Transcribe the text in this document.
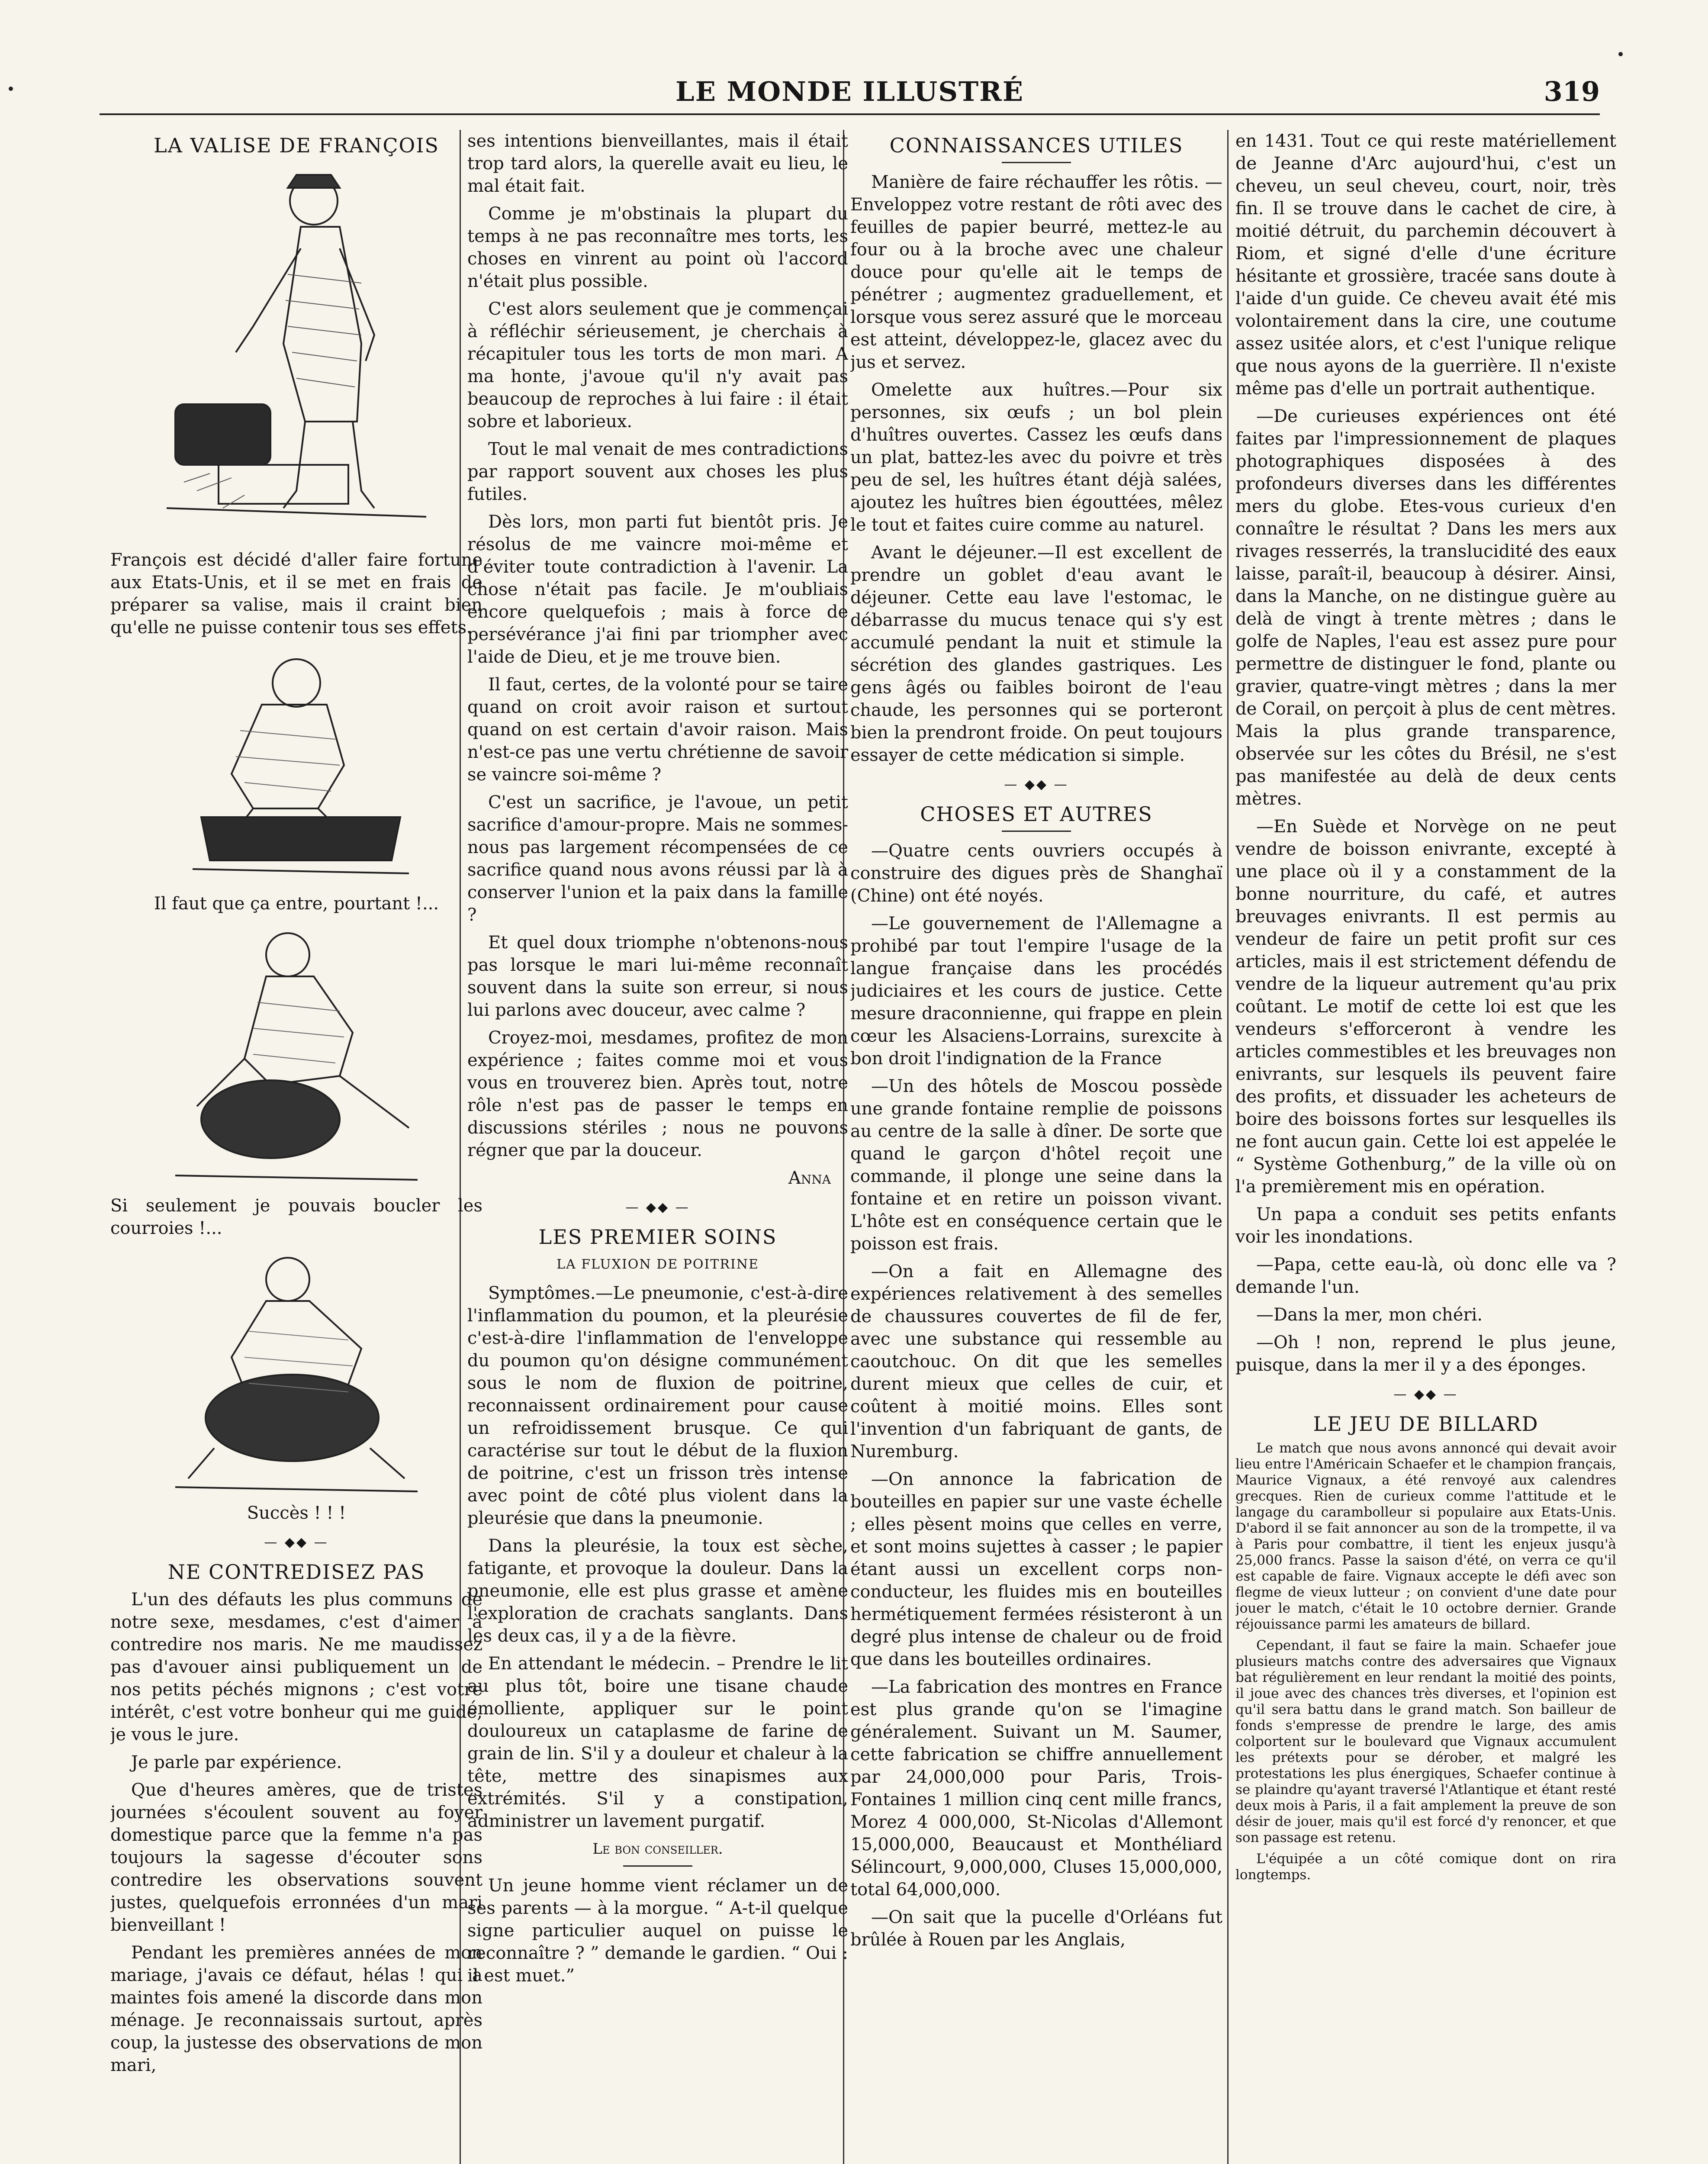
LE MONDE ILLUSTRÉ	319
LA VALISE DE FRANÇOIS

François est décidé d'aller faire fortune aux Etats-Unis, et il se met en frais de préparer sa valise, mais il craint bien qu'elle ne puisse contenir tous ses effets.

Il faut que ça entre, pourtant !...

Si seulement je pouvais boucler les courroies !...

Succès ! ! !

— ◆◆ —
NE CONTREDISEZ PAS

L'un des défauts les plus communs de notre sexe, mesdames, c'est d'aimer à contredire nos maris. Ne me maudissez pas d'avouer ainsi publiquement un de nos petits péchés mignons ; c'est votre intérêt, c'est votre bonheur qui me guide, je vous le jure.

Je parle par expérience.

Que d'heures amères, que de tristes journées s'écoulent souvent au foyer domestique parce que la femme n'a pas toujours la sagesse d'écouter sons contredire les observations souvent justes, quelquefois erronnées d'un mari bienveillant !

Pendant les premières années de mon mariage, j'avais ce défaut, hélas ! qui a maintes fois amené la discorde dans mon ménage. Je reconnaissais surtout, après coup, la justesse des observations de mon mari,

ses intentions bienveillantes, mais il était trop tard alors, la querelle avait eu lieu, le mal était fait.

Comme je m'obstinais la plupart du temps à ne pas reconnaître mes torts, les choses en vinrent au point où l'accord n'était plus possible.

C'est alors seulement que je commençai à réfléchir sérieusement, je cherchais à récapituler tous les torts de mon mari. A ma honte, j'avoue qu'il n'y avait pas beaucoup de reproches à lui faire : il était sobre et laborieux.

Tout le mal venait de mes contradictions par rapport souvent aux choses les plus futiles.

Dès lors, mon parti fut bientôt pris. Je résolus de me vaincre moi-même et d'éviter toute contradiction à l'avenir. La chose n'était pas facile. Je m'oubliais encore quelquefois ; mais à force de persévérance j'ai fini par triompher avec l'aide de Dieu, et je me trouve bien.

Il faut, certes, de la volonté pour se taire quand on croit avoir raison et surtout quand on est certain d'avoir raison. Mais n'est-ce pas une vertu chrétienne de savoir se vaincre soi-même ?

C'est un sacrifice, je l'avoue, un petit sacrifice d'amour-propre. Mais ne sommes-nous pas largement récompensées de ce sacrifice quand nous avons réussi par là à conserver l'union et la paix dans la famille ?

Et quel doux triomphe n'obtenons-nous pas lorsque le mari lui-même reconnaît souvent dans la suite son erreur, si nous lui parlons avec douceur, avec calme ?

Croyez-moi, mesdames, profitez de mon expérience ; faites comme moi et vous vous en trouverez bien. Après tout, notre rôle n'est pas de passer le temps en discussions stériles ; nous ne pouvons régner que par la douceur.

Anna

— ◆◆ —
LES PREMIER SOINS
LA FLUXION DE POITRINE

Symptômes.—Le pneumonie, c'est-à-dire l'inflammation du poumon, et la pleurésie c'est-à-dire l'inflammation de l'enveloppe du poumon qu'on désigne communément sous le nom de fluxion de poitrine, reconnaissent ordinairement pour cause un refroidissement brusque. Ce qui caractérise sur tout le début de la fluxion de poitrine, c'est un frisson très intense avec point de côté plus violent dans la pleurésie que dans la pneumonie.

Dans la pleurésie, la toux est sèche, fatigante, et provoque la douleur. Dans la pneumonie, elle est plus grasse et amène l'exploration de crachats sanglants. Dans les deux cas, il y a de la fièvre.

En attendant le médecin. – Prendre le lit au plus tôt, boire une tisane chaude émolliente, appliquer sur le point douloureux un cataplasme de farine de grain de lin. S'il y a douleur et chaleur à la tête, mettre des sinapismes aux extrémités. S'il y a constipation, administrer un lavement purgatif.

Le bon conseiller.

Un jeune homme vient réclamer un de ses parents — à la morgue. “ A-t-il quelque signe particulier auquel on puisse le reconnaître ? ” demande le gardien. “ Oui : il est muet.”

CONNAISSANCES UTILES

Manière de faire réchauffer les rôtis. —Enveloppez votre restant de rôti avec des feuilles de papier beurré, mettez-le au four ou à la broche avec une chaleur douce pour qu'elle ait le temps de pénétrer ; augmentez graduellement, et lorsque vous serez assuré que le morceau est atteint, développez-le, glacez avec du jus et servez.

Omelette aux huîtres.—Pour six personnes, six œufs ; un bol plein d'huîtres ouvertes. Cassez les œufs dans un plat, battez-les avec du poivre et très peu de sel, les huîtres étant déjà salées, ajoutez les huîtres bien égouttées, mêlez le tout et faites cuire comme au naturel.

Avant le déjeuner.—Il est excellent de prendre un goblet d'eau avant le déjeuner. Cette eau lave l'estomac, le débarrasse du mucus tenace qui s'y est accumulé pendant la nuit et stimule la sécrétion des glandes gastriques. Les gens âgés ou faibles boiront de l'eau chaude, les personnes qui se porteront bien la prendront froide. On peut toujours essayer de cette médication si simple.

— ◆◆ —
CHOSES ET AUTRES

—Quatre cents ouvriers occupés à construire des digues près de Shanghaï (Chine) ont été noyés.

—Le gouvernement de l'Allemagne a prohibé par tout l'empire l'usage de la langue française dans les procédés judiciaires et les cours de justice. Cette mesure draconnienne, qui frappe en plein cœur les Alsaciens-Lorrains, surexcite à bon droit l'indignation de la France

—Un des hôtels de Moscou possède une grande fontaine remplie de poissons au centre de la salle à dîner. De sorte que quand le garçon d'hôtel reçoit une commande, il plonge une seine dans la fontaine et en retire un poisson vivant. L'hôte est en conséquence certain que le poisson est frais.

—On a fait en Allemagne des expériences relativement à des semelles de chaussures couvertes de fil de fer, avec une substance qui ressemble au caoutchouc. On dit que les semelles durent mieux que celles de cuir, et coûtent à moitié moins. Elles sont l'invention d'un fabriquant de gants, de Nuremburg.

—On annonce la fabrication de bouteilles en papier sur une vaste échelle ; elles pèsent moins que celles en verre, et sont moins sujettes à casser ; le papier étant aussi un excellent corps non-conducteur, les fluides mis en bouteilles hermétiquement fermées résisteront à un degré plus intense de chaleur ou de froid que dans les bouteilles ordinaires.

—La fabrication des montres en France est plus grande qu'on se l'imagine généralement. Suivant un M. Saumer, cette fabrication se chiffre annuellement par 24,000,000 pour Paris, Trois-Fontaines 1 million cinq cent mille francs, Morez 4 000,000, St-Nicolas d'Allemont 15,000,000, Beaucaust et Monthéliard Sélincourt, 9,000,000, Cluses 15,000,000, total 64,000,000.

—On sait que la pucelle d'Orléans fut brûlée à Rouen par les Anglais,

en 1431. Tout ce qui reste matériellement de Jeanne d'Arc aujourd'hui, c'est un cheveu, un seul cheveu, court, noir, très fin. Il se trouve dans le cachet de cire, à moitié détruit, du parchemin découvert à Riom, et signé d'elle d'une écriture hésitante et grossière, tracée sans doute à l'aide d'un guide. Ce cheveu avait été mis volontairement dans la cire, une coutume assez usitée alors, et c'est l'unique relique que nous ayons de la guerrière. Il n'existe même pas d'elle un portrait authentique.

—De curieuses expériences ont été faites par l'impressionnement de plaques photographiques disposées à des profondeurs diverses dans les différentes mers du globe. Etes-vous curieux d'en connaître le résultat ? Dans les mers aux rivages resserrés, la translucidité des eaux laisse, paraît-il, beaucoup à désirer. Ainsi, dans la Manche, on ne distingue guère au delà de vingt à trente mètres ; dans le golfe de Naples, l'eau est assez pure pour permettre de distinguer le fond, plante ou gravier, quatre-vingt mètres ; dans la mer de Corail, on perçoit à plus de cent mètres. Mais la plus grande transparence, observée sur les côtes du Brésil, ne s'est pas manifestée au delà de deux cents mètres.

—En Suède et Norvège on ne peut vendre de boisson enivrante, excepté à une place où il y a constamment de la bonne nourriture, du café, et autres breuvages enivrants. Il est permis au vendeur de faire un petit profit sur ces articles, mais il est strictement défendu de vendre de la liqueur autrement qu'au prix coûtant. Le motif de cette loi est que les vendeurs s'efforceront à vendre les articles commestibles et les breuvages non enivrants, sur lesquels ils peuvent faire des profits, et dissuader les acheteurs de boire des boissons fortes sur lesquelles ils ne font aucun gain. Cette loi est appelée le “ Système Gothenburg,” de la ville où on l'a premièrement mis en opération.

Un papa a conduit ses petits enfants voir les inondations.

—Papa, cette eau-là, où donc elle va ? demande l'un.

—Dans la mer, mon chéri.

—Oh ! non, reprend le plus jeune, puisque, dans la mer il y a des éponges.

— ◆◆ —
LE JEU DE BILLARD

Le match que nous avons annoncé qui devait avoir lieu entre l'Américain Schaefer et le champion français, Maurice Vignaux, a été renvoyé aux calendres grecques. Rien de curieux comme l'attitude et le langage du carambolleur si populaire aux Etats-Unis. D'abord il se fait annoncer au son de la trompette, il va à Paris pour combattre, il tient les enjeux jusqu'à 25,000 francs. Passe la saison d'été, on verra ce qu'il est capable de faire. Vignaux accepte le défi avec son flegme de vieux lutteur ; on convient d'une date pour jouer le match, c'était le 10 octobre dernier. Grande réjouissance parmi les amateurs de billard.

Cependant, il faut se faire la main. Schaefer joue plusieurs matchs contre des adversaires que Vignaux bat régulièrement en leur rendant la moitié des points, il joue avec des chances très diverses, et l'opinion est qu'il sera battu dans le grand match. Son bailleur de fonds s'empresse de prendre le large, des amis colportent sur le boulevard que Vignaux accumulent les prétexts pour se dérober, et malgré les protestations les plus énergiques, Schaefer continue à se plaindre qu'ayant traversé l'Atlantique et étant resté deux mois à Paris, il a fait amplement la preuve de son désir de jouer, mais qu'il est forcé d'y renoncer, et que son passage est retenu.

L'équipée a un côté comique dont on rira longtemps.
